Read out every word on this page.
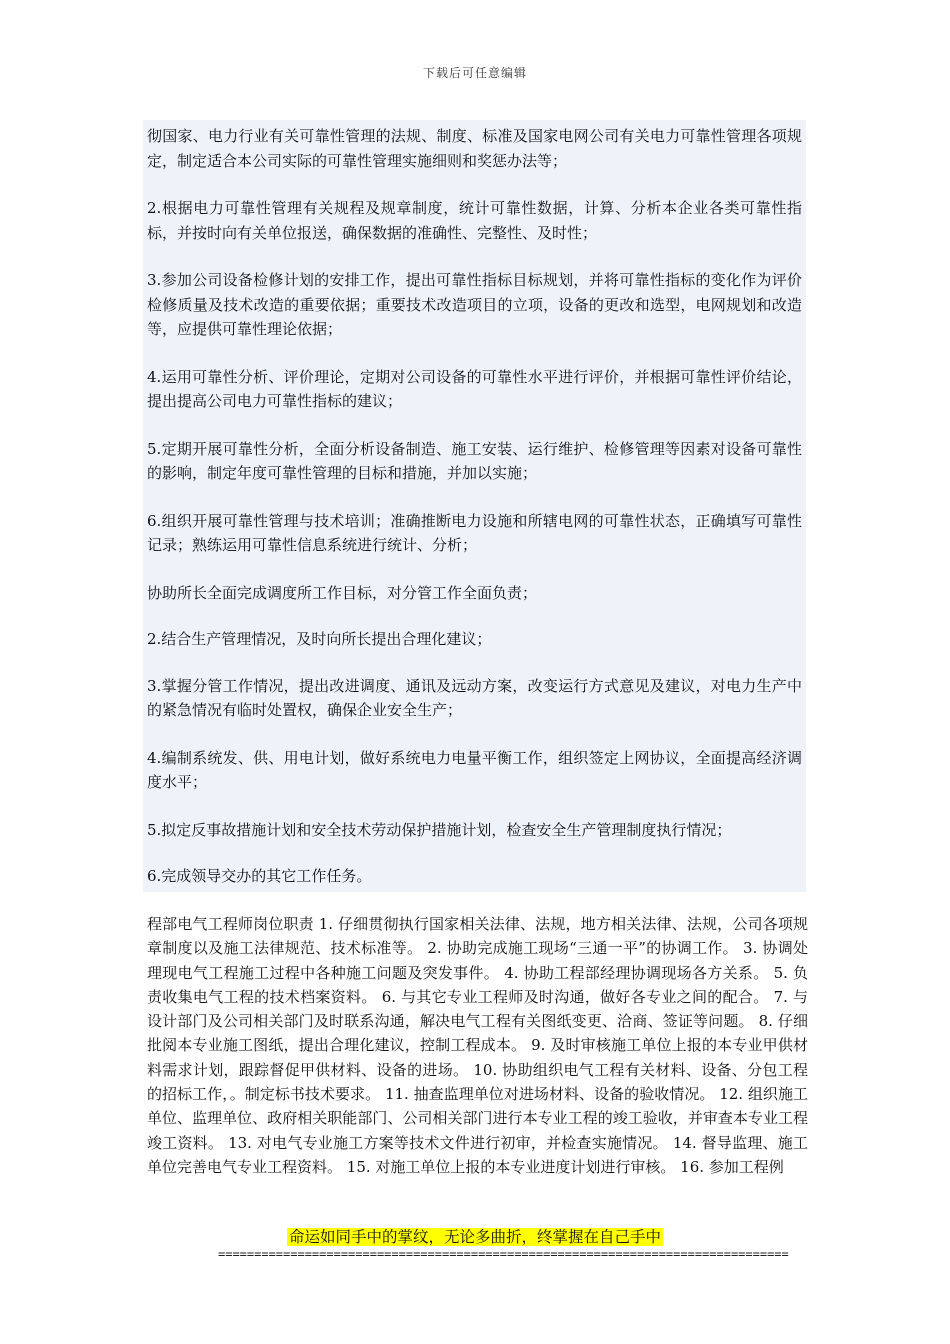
下载后可任意编辑

彻国家、电力行业有关可靠性管理的法规、制度、标准及国家电网公司有关电力可靠性管理各项规定，制定适合本公司实际的可靠性管理实施细则和奖惩办法等；

2.根据电力可靠性管理有关规程及规章制度，统计可靠性数据，计算、分析本企业各类可靠性指标，并按时向有关单位报送，确保数据的准确性、完整性、及时性；

3.参加公司设备检修计划的安排工作，提出可靠性指标目标规划，并将可靠性指标的变化作为评价检修质量及技术改造的重要依据；重要技术改造项目的立项，设备的更改和选型，电网规划和改造等，应提供可靠性理论依据；

4.运用可靠性分析、评价理论，定期对公司设备的可靠性水平进行评价，并根据可靠性评价结论，提出提高公司电力可靠性指标的建议；

5.定期开展可靠性分析，全面分析设备制造、施工安装、运行维护、检修管理等因素对设备可靠性的影响，制定年度可靠性管理的目标和措施，并加以实施；

6.组织开展可靠性管理与技术培训；准确推断电力设施和所辖电网的可靠性状态，正确填写可靠性记录；熟练运用可靠性信息系统进行统计、分析；

协助所长全面完成调度所工作目标，对分管工作全面负责；

2.结合生产管理情况，及时向所长提出合理化建议；

3.掌握分管工作情况，提出改进调度、通讯及远动方案，改变运行方式意见及建议，对电力生产中的紧急情况有临时处置权，确保企业安全生产；

4.编制系统发、供、用电计划，做好系统电力电量平衡工作，组织签定上网协议，全面提高经济调度水平；

5.拟定反事故措施计划和安全技术劳动保护措施计划，检查安全生产管理制度执行情况；

6.完成领导交办的其它工作任务。

程部电气工程师岗位职责 1. 仔细贯彻执行国家相关法律、法规，地方相关法律、法规，公司各项规章制度以及施工法律规范、技术标准等。 2. 协助完成施工现场“三通一平”的协调工作。 3. 协调处理现电气工程施工过程中各种施工问题及突发事件。 4. 协助工程部经理协调现场各方关系。 5. 负责收集电气工程的技术档案资料。 6. 与其它专业工程师及时沟通，做好各专业之间的配合。 7. 与设计部门及公司相关部门及时联系沟通，解决电气工程有关图纸变更、洽商、签证等问题。 8. 仔细批阅本专业施工图纸，提出合理化建议，控制工程成本。 9. 及时审核施工单位上报的本专业甲供材料需求计划，跟踪督促甲供材料、设备的进场。 10. 协助组织电气工程有关材料、设备、分包工程的招标工作，。制定标书技术要求。 11. 抽查监理单位对进场材料、设备的验收情况。 12. 组织施工单位、监理单位、政府相关职能部门、公司相关部门进行本专业工程的竣工验收，并审查本专业工程竣工资料。 13. 对电气专业施工方案等技术文件进行初审，并检查实施情况。 14. 督导监理、施工单位完善电气专业工程资料。 15. 对施工单位上报的本专业进度计划进行审核。 16. 参加工程例

命运如同手中的掌纹，无论多曲折，终掌握在自己手中
===============================================================================
